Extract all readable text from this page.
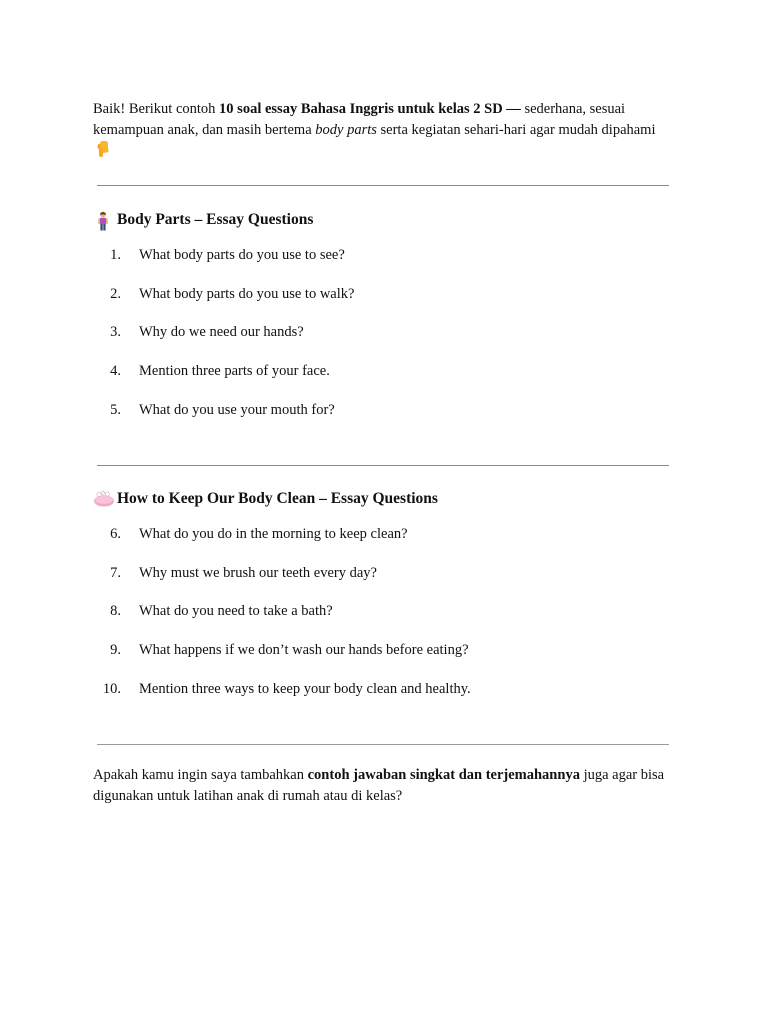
Baik! Berikut contoh 10 soal essay Bahasa Inggris untuk kelas 2 SD — sederhana, sesuai kemampuan anak, dan masih bertema body parts serta kegiatan sehari-hari agar mudah dipahami

Body Parts – Essay Questions
1. What body parts do you use to see?
2. What body parts do you use to walk?
3. Why do we need our hands?
4. Mention three parts of your face.
5. What do you use your mouth for?
How to Keep Our Body Clean – Essay Questions
6. What do you do in the morning to keep clean?
7. Why must we brush our teeth every day?
8. What do you need to take a bath?
9. What happens if we don’t wash our hands before eating?
10. Mention three ways to keep your body clean and healthy.

Apakah kamu ingin saya tambahkan contoh jawaban singkat dan terjemahannya juga agar bisa digunakan untuk latihan anak di rumah atau di kelas?
